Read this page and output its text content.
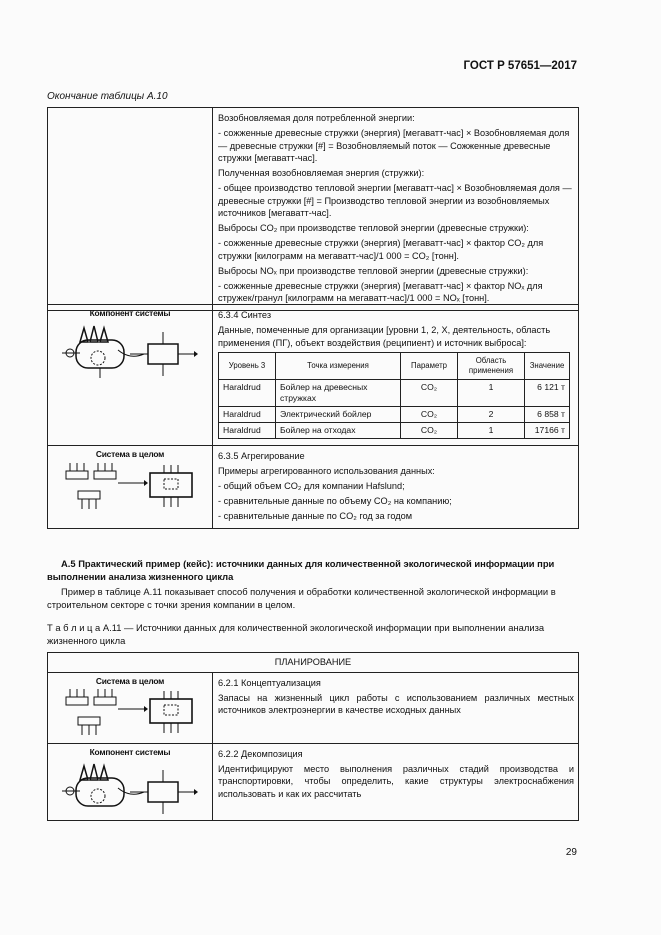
ГОСТ Р 57651—2017
Окончание таблицы А.10

Возобновляемая доля потребленной энергии:

- сожженные древесные стружки (энергия) [мегаватт-час] × Возобновляемая доля — древесные стружки [#] = Возобновляемый поток — Сожженные древесные стружки [мегаватт-час].

Полученная возобновляемая энергия (стружки):

- общее производство тепловой энергии [мегаватт-час] × Возобновляемая доля — древесные стружки [#] = Производство тепловой энергии из возобновляемых источников [мегаватт-час].

Выбросы CO₂ при производстве тепловой энергии (древесные стружки):

- сожженные древесные стружки (энергия) [мегаватт-час] × фактор CO₂ для стружки [килограмм на мегаватт-час]/1 000 = CO₂ [тонн].

Выбросы NOₓ при производстве тепловой энергии (древесные стружки):

- сожженные древесные стружки (энергия) [мегаватт-час] × фактор NOₓ для стружек/гранул [килограмм на мегаватт-час]/1 000 = NOₓ [тонн].

Компонент системы	6.3.4 Синтез

Данные, помеченные для организации [уровни 1, 2, X, деятельность, область применения (ПГ), объект воздействия (реципиент) и источник выброса]:

Уровень 3	Точка измерения	Параметр	Область применения	Значение
Haraldrud	Бойлер на древесных стружках	CO₂	1	6 121 т
Haraldrud	Электрический бойлер	CO₂	2	6 858 т
Haraldrud	Бойлер на отходах	CO₂	1	17166 т

Система в целом	6.3.5 Агрегирование

Примеры агрегированного использования данных:

- общий объем CO₂ для компании Hafslund;

- сравнительные данные по объему CO₂ на компанию;

- сравнительные данные по CO₂ год за годом

А.5 Практический пример (кейс): источники данных для количественной экологической информации при выполнении анализа жизненного цикла
Пример в таблице А.11 показывает способ получения и обработки количественной экологической информации в строительном секторе с точки зрения компании в целом.
Т а б л и ц а А.11 — Источники данных для количественной экологической информации при выполнении анализа жизненного цикла
ПЛАНИРОВАНИЕ	

Система в целом	6.2.1 Концептуализация

Запасы на жизненный цикл работы с использованием различных местных источников электроэнергии в качестве исходных данных

Компонент системы	6.2.2 Декомпозиция

Идентифицируют место выполнения различных стадий производства и транспортировки, чтобы определить, какие структуры электроснабжения использовать и как их рассчитать

29
